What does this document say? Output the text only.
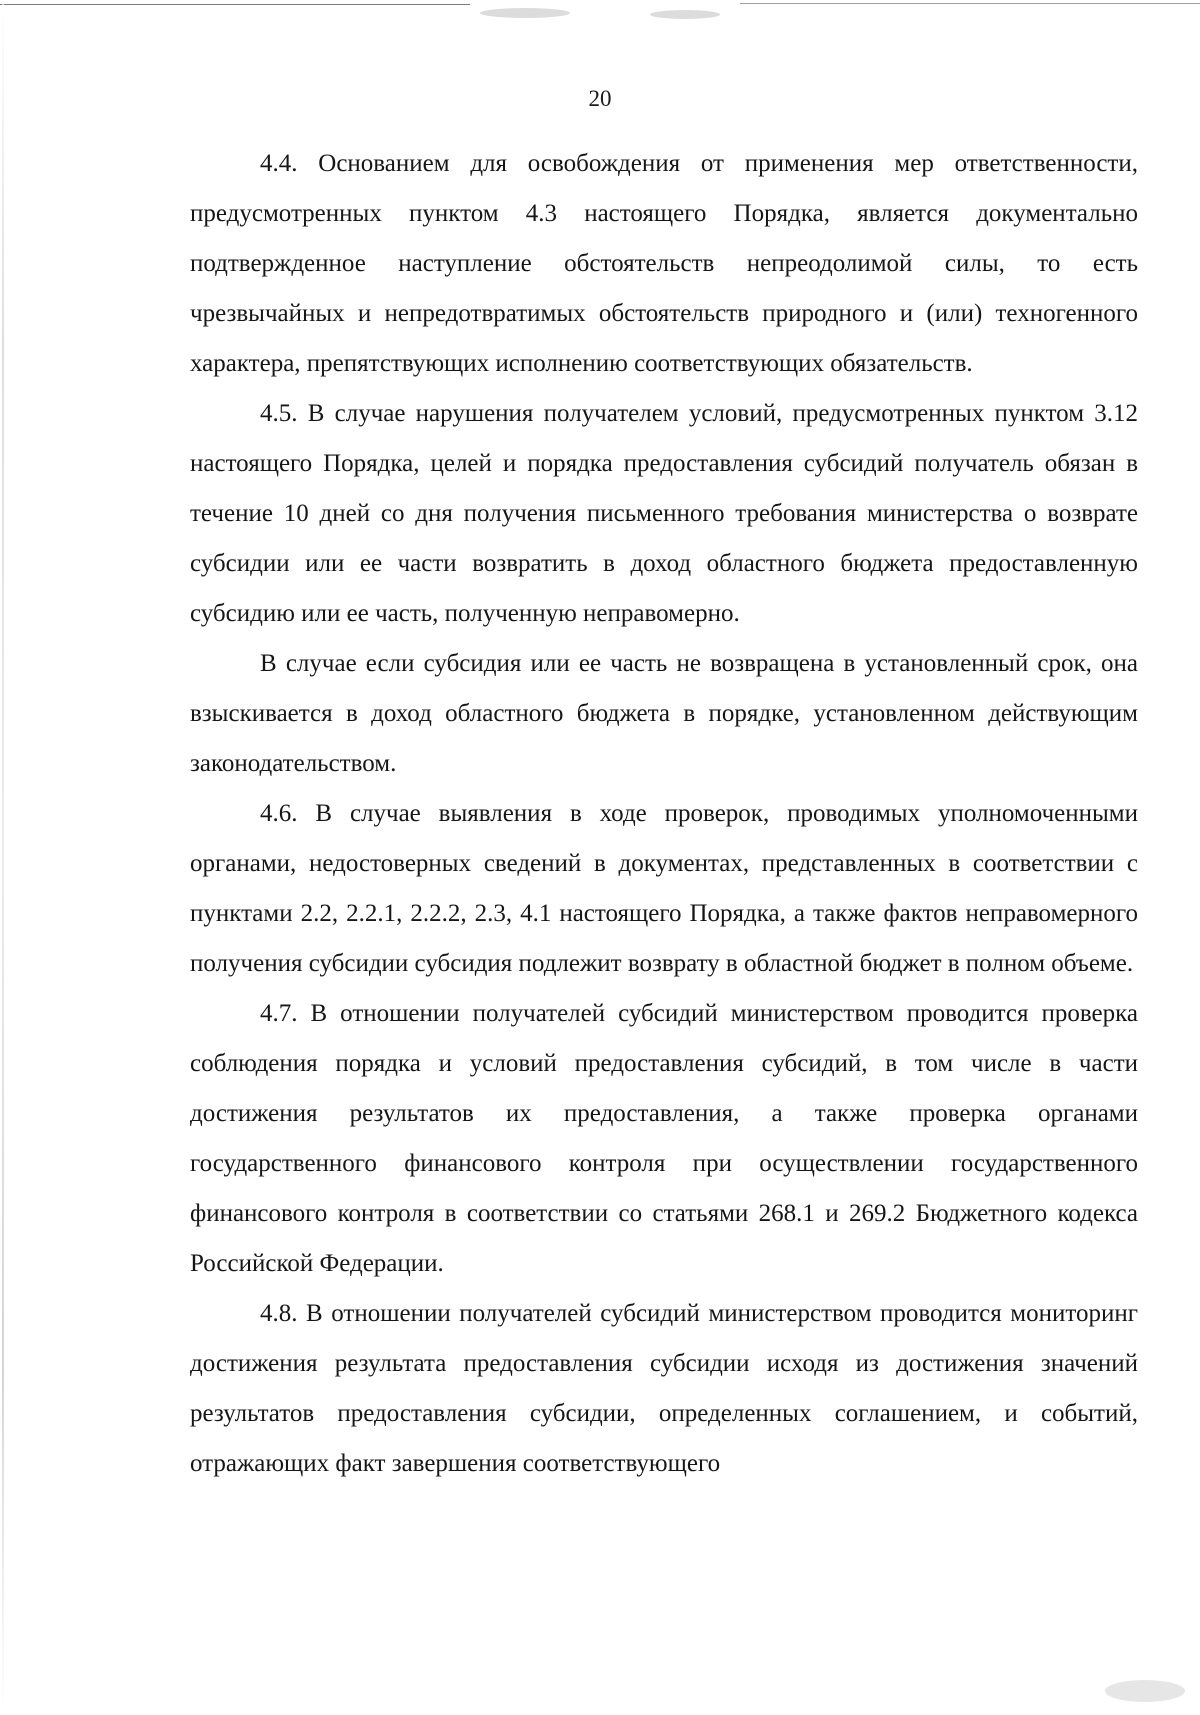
20

4.4. Основанием для освобождения от применения мер ответственности, предусмотренных пунктом 4.3 настоящего Порядка, является документально подтвержденное наступление обстоятельств непреодолимой силы, то есть чрезвычайных и непредотвратимых обстоятельств природного и (или) техногенного характера, препятствующих исполнению соответствующих обязательств.

4.5. В случае нарушения получателем условий, предусмотренных пунктом 3.12 настоящего Порядка, целей и порядка предоставления субсидий получатель обязан в течение 10 дней со дня получения письменного требования министерства о возврате субсидии или ее части возвратить в доход областного бюджета предоставленную субсидию или ее часть, полученную неправомерно.

В случае если субсидия или ее часть не возвращена в установленный срок, она взыскивается в доход областного бюджета в порядке, установленном действующим законодательством.

4.6. В случае выявления в ходе проверок, проводимых уполномоченными органами, недостоверных сведений в документах, представленных в соответствии с пунктами 2.2, 2.2.1, 2.2.2, 2.3, 4.1 настоящего Порядка, а также фактов неправомерного получения субсидии субсидия подлежит возврату в областной бюджет в полном объеме.

4.7. В отношении получателей субсидий министерством проводится проверка соблюдения порядка и условий предоставления субсидий, в том числе в части достижения результатов их предоставления, а также проверка органами государственного финансового контроля при осуществлении государственного финансового контроля в соответствии со статьями 268.1 и 269.2 Бюджетного кодекса Российской Федерации.

4.8. В отношении получателей субсидий министерством проводится мониторинг достижения результата предоставления субсидии исходя из достижения значений результатов предоставления субсидии, определенных соглашением, и событий, отражающих факт завершения соответствующего
